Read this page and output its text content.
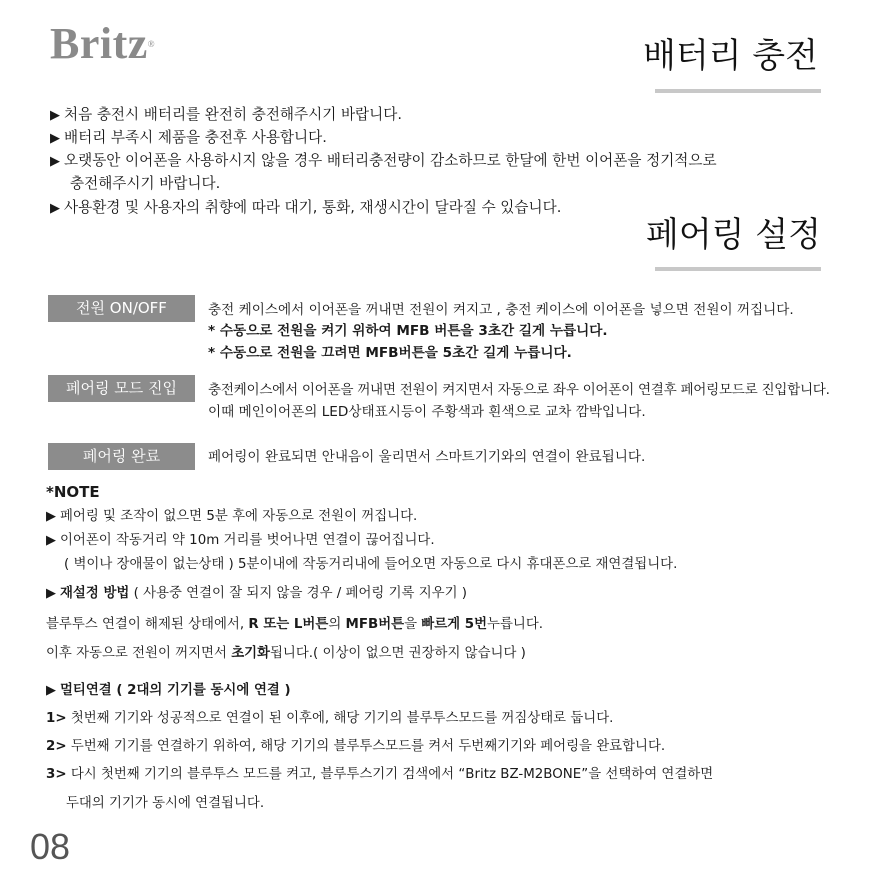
Britz®	배터리 충전
▶ 처음 충전시 배터리를 완전히 충전해주시기 바랍니다.
▶ 배터리 부족시 제품을 충전후 사용합니다.
▶ 오랫동안 이어폰을 사용하시지 않을 경우 배터리충전량이 감소하므로 한달에 한번 이어폰을 정기적으로
충전해주시기 바랍니다.
▶ 사용환경 및 사용자의 취향에 따라 대기, 통화, 재생시간이 달라질 수 있습니다.
페어링 설정
전원 ON/OFF	충전 케이스에서 이어폰을 꺼내면 전원이 켜지고 , 충전 케이스에 이어폰을 넣으면 전원이 꺼집니다.
* 수동으로 전원을 켜기 위하여 MFB 버튼을 3초간 길게 누릅니다.
* 수동으로 전원을 끄려면 MFB버튼을 5초간 길게 누릅니다.
페어링 모드 진입	충전케이스에서 이어폰을 꺼내면 전원이 켜지면서 자동으로 좌우 이어폰이 연결후 페어링모드로 진입합니다.
이때 메인이어폰의 LED상태표시등이 주황색과 흰색으로 교차 깜박입니다.
페어링 완료	페어링이 완료되면 안내음이 울리면서 스마트기기와의 연결이 완료됩니다.
*NOTE
▶ 페어링 및 조작이 없으면 5분 후에 자동으로 전원이 꺼집니다.
▶ 이어폰이 작동거리 약 10m 거리를 벗어나면 연결이 끊어집니다.
( 벽이나 장애물이 없는상태 ) 5분이내에 작동거리내에 들어오면 자동으로 다시 휴대폰으로 재연결됩니다.
▶ 재설정 방법 ( 사용중 연결이 잘 되지 않을 경우 / 페어링 기록 지우기 )
블루투스 연결이 해제된 상태에서, R 또는 L버튼의 MFB버튼을 빠르게 5번누릅니다.
이후 자동으로 전원이 꺼지면서 초기화됩니다.( 이상이 없으면 권장하지 않습니다 )
▶ 멀티연결 ( 2대의 기기를 동시에 연결 )
1> 첫번째 기기와 성공적으로 연결이 된 이후에, 해당 기기의 블루투스모드를 꺼짐상태로 둡니다.
2> 두번째 기기를 연결하기 위하여, 해당 기기의 블루투스모드를 켜서 두번째기기와 페어링을 완료합니다.
3> 다시 첫번째 기기의 블루투스 모드를 켜고, 블루투스기기 검색에서 “Britz BZ-M2BONE”을 선택하여 연결하면
두대의 기기가 동시에 연결됩니다.
08
